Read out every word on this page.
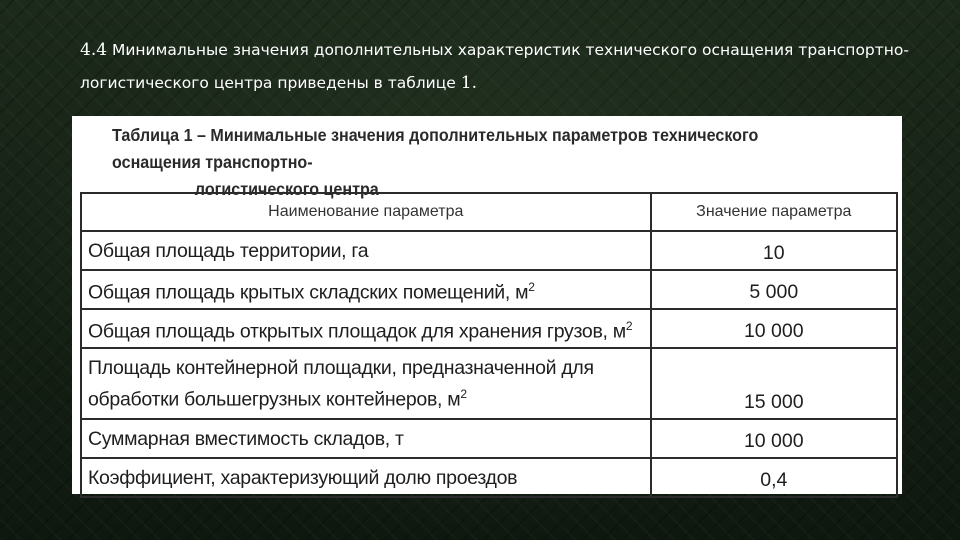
4.4 Минимальные значения дополнительных характеристик технического оснащения транспортно-
логистического центра приведены в таблице 1.
Таблица 1 – Минимальные значения дополнительных параметров технического оснащения транспортно-
логистического центра
Наименование параметра	Значение параметра
Общая площадь территории, га	10
Общая площадь крытых складских помещений, $м^2$	5 000
Общая площадь открытых площадок для хранения грузов, $м^2$	10 000
Площадь контейнерной площадки, предназначенной для обработки большегрузных контейнеров, $м^2$	15 000
Суммарная вместимость складов, т	10 000
Коэффициент, характеризующий долю проездов	0,4
